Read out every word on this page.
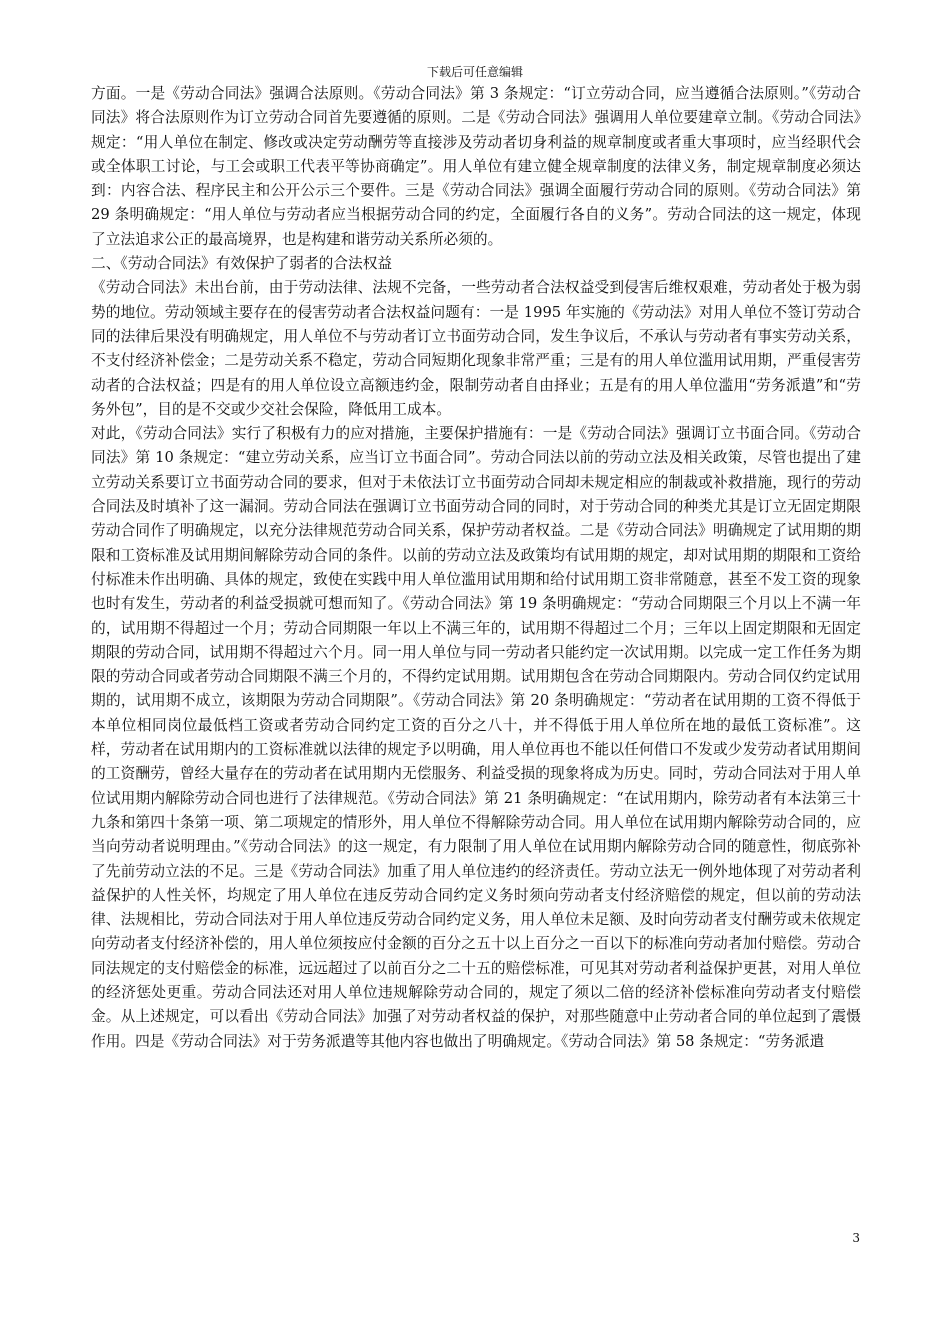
下载后可任意编辑

方面。一是《劳动合同法》强调合法原则。《劳动合同法》第 3 条规定：“订立劳动合同，应当遵循合法原则。”《劳动合同法》将合法原则作为订立劳动合同首先要遵循的原则。二是《劳动合同法》强调用人单位要建章立制。《劳动合同法》规定：“用人单位在制定、修改或决定劳动酬劳等直接涉及劳动者切身利益的规章制度或者重大事项时，应当经职代会或全体职工讨论，与工会或职工代表平等协商确定”。用人单位有建立健全规章制度的法律义务，制定规章制度必须达到：内容合法、程序民主和公开公示三个要件。三是《劳动合同法》强调全面履行劳动合同的原则。《劳动合同法》第 29 条明确规定：“用人单位与劳动者应当根据劳动合同的约定，全面履行各自的义务”。劳动合同法的这一规定，体现了立法追求公正的最高境界，也是构建和谐劳动关系所必须的。

二、《劳动合同法》有效保护了弱者的合法权益

《劳动合同法》未出台前，由于劳动法律、法规不完备，一些劳动者合法权益受到侵害后维权艰难，劳动者处于极为弱势的地位。劳动领域主要存在的侵害劳动者合法权益问题有：一是 1995 年实施的《劳动法》对用人单位不签订劳动合同的法律后果没有明确规定，用人单位不与劳动者订立书面劳动合同，发生争议后，不承认与劳动者有事实劳动关系，不支付经济补偿金；二是劳动关系不稳定，劳动合同短期化现象非常严重；三是有的用人单位滥用试用期，严重侵害劳动者的合法权益；四是有的用人单位设立高额违约金，限制劳动者自由择业；五是有的用人单位滥用“劳务派遣”和“劳务外包”，目的是不交或少交社会保险，降低用工成本。

对此，《劳动合同法》实行了积极有力的应对措施，主要保护措施有：一是《劳动合同法》强调订立书面合同。《劳动合同法》第 10 条规定：“建立劳动关系，应当订立书面合同”。劳动合同法以前的劳动立法及相关政策，尽管也提出了建立劳动关系要订立书面劳动合同的要求，但对于未依法订立书面劳动合同却未规定相应的制裁或补救措施，现行的劳动合同法及时填补了这一漏洞。劳动合同法在强调订立书面劳动合同的同时，对于劳动合同的种类尤其是订立无固定期限劳动合同作了明确规定，以充分法律规范劳动合同关系，保护劳动者权益。二是《劳动合同法》明确规定了试用期的期限和工资标准及试用期间解除劳动合同的条件。以前的劳动立法及政策均有试用期的规定，却对试用期的期限和工资给付标准未作出明确、具体的规定，致使在实践中用人单位滥用试用期和给付试用期工资非常随意，甚至不发工资的现象也时有发生，劳动者的利益受损就可想而知了。《劳动合同法》第 19 条明确规定：“劳动合同期限三个月以上不满一年的，试用期不得超过一个月；劳动合同期限一年以上不满三年的，试用期不得超过二个月；三年以上固定期限和无固定期限的劳动合同，试用期不得超过六个月。同一用人单位与同一劳动者只能约定一次试用期。以完成一定工作任务为期限的劳动合同或者劳动合同期限不满三个月的，不得约定试用期。试用期包含在劳动合同期限内。劳动合同仅约定试用期的，试用期不成立，该期限为劳动合同期限”。《劳动合同法》第 20 条明确规定：“劳动者在试用期的工资不得低于本单位相同岗位最低档工资或者劳动合同约定工资的百分之八十，并不得低于用人单位所在地的最低工资标准”。这样，劳动者在试用期内的工资标准就以法律的规定予以明确，用人单位再也不能以任何借口不发或少发劳动者试用期间的工资酬劳，曾经大量存在的劳动者在试用期内无偿服务、利益受损的现象将成为历史。同时，劳动合同法对于用人单位试用期内解除劳动合同也进行了法律规范。《劳动合同法》第 21 条明确规定：“在试用期内，除劳动者有本法第三十九条和第四十条第一项、第二项规定的情形外，用人单位不得解除劳动合同。用人单位在试用期内解除劳动合同的，应当向劳动者说明理由。”《劳动合同法》的这一规定，有力限制了用人单位在试用期内解除劳动合同的随意性，彻底弥补了先前劳动立法的不足。三是《劳动合同法》加重了用人单位违约的经济责任。劳动立法无一例外地体现了对劳动者利益保护的人性关怀，均规定了用人单位在违反劳动合同约定义务时须向劳动者支付经济赔偿的规定，但以前的劳动法律、法规相比，劳动合同法对于用人单位违反劳动合同约定义务，用人单位未足额、及时向劳动者支付酬劳或未依规定向劳动者支付经济补偿的，用人单位须按应付金额的百分之五十以上百分之一百以下的标准向劳动者加付赔偿。劳动合同法规定的支付赔偿金的标准，远远超过了以前百分之二十五的赔偿标准，可见其对劳动者利益保护更甚，对用人单位的经济惩处更重。劳动合同法还对用人单位违规解除劳动合同的，规定了须以二倍的经济补偿标准向劳动者支付赔偿金。从上述规定，可以看出《劳动合同法》加强了对劳动者权益的保护，对那些随意中止劳动者合同的单位起到了震慑作用。四是《劳动合同法》对于劳务派遣等其他内容也做出了明确规定。《劳动合同法》第 58 条规定：“劳务派遣

3
